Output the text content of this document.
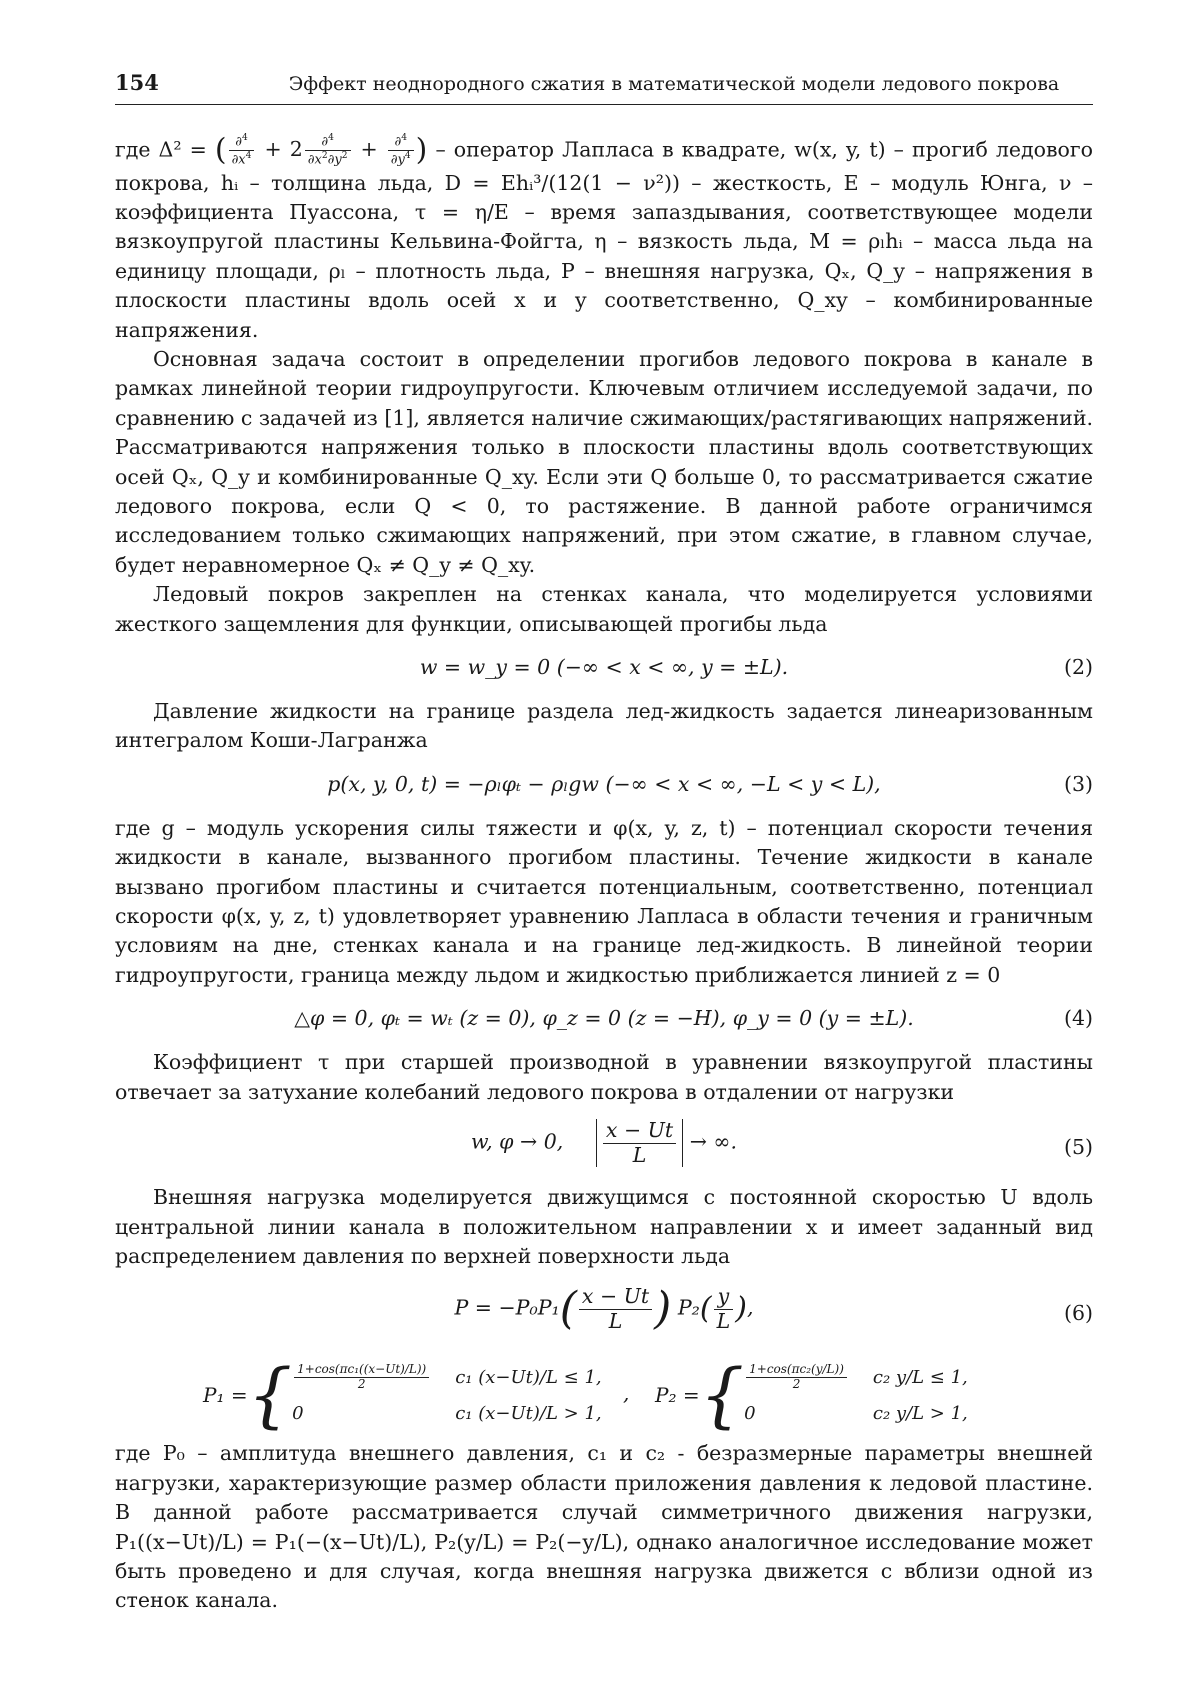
154	Эффект неоднородного сжатия в математической модели ледового покрова

где Δ² = ( ∂4
∂x4 + 2	∂4
∂x2∂y2 + ∂4
∂y4 ) – оператор Лапласа в квадрате, w(x, y, t) – прогиб ледового покрова, hᵢ – толщина льда, D = Ehᵢ³/(12(1 − ν²)) – жесткость, E – модуль Юнга, ν – коэффициента Пуассона, τ = η/E – время запаздывания, соответствующее модели вязкоупругой пластины Кельвина-Фойгта, η – вязкость льда, M = ρₗhᵢ – масса льда на единицу площади, ρₗ – плотность льда, P – внешняя нагрузка, Qₓ, Q_y – напряжения в плоскости пластины вдоль осей x и y соответственно, Q_xy – комбинированные напряжения.

Основная задача состоит в определении прогибов ледового покрова в канале в рамках линейной теории гидроупругости. Ключевым отличием исследуемой задачи, по сравнению с задачей из [1], является наличие сжимающих/растягивающих напряжений. Рассматриваются напряжения только в плоскости пластины вдоль соответствующих осей Qₓ, Q_y и комбинированные Q_xy. Если эти Q больше 0, то рассматривается сжатие ледового покрова, если Q < 0, то растяжение. В данной работе ограничимся исследованием только сжимающих напряжений, при этом сжатие, в главном случае, будет неравномерное Qₓ ≠ Q_y ≠ Q_xy.

Ледовый покров закреплен на стенках канала, что моделируется условиями жесткого защемления для функции, описывающей прогибы льда

w = w_y = 0 (−∞ < x < ∞, y = ±L).	(2)

Давление жидкости на границе раздела лед-жидкость задается линеаризованным интегралом Коши-Лагранжа

p(x, y, 0, t) = −ρₗφₜ − ρₗgw (−∞ < x < ∞, −L < y < L),	(3)

где g – модуль ускорения силы тяжести и φ(x, y, z, t) – потенциал скорости течения жидкости в канале, вызванного прогибом пластины. Течение жидкости в канале вызвано прогибом пластины и считается потенциальным, соответственно, потенциал скорости φ(x, y, z, t) удовлетворяет уравнению Лапласа в области течения и граничным условиям на дне, стенках канала и на границе лед-жидкость. В линейной теории гидроупругости, граница между льдом и жидкостью приближается линией z = 0

△φ = 0, φₜ = wₜ (z = 0), φ_z = 0 (z = −H), φ_y = 0 (y = ±L).	(4)

Коэффициент τ при старшей производной в уравнении вязкоупругой пластины отвечает за затухание колебаний ледового покрова в отдалении от нагрузки

w, φ → 0, x − Ut
L
→ ∞.	(5)

Внешняя нагрузка моделируется движущимся с постоянной скоростью U вдоль центральной линии канала в положительном направлении x и имеет заданный вид распределением давления по верхней поверхности льда

P = −P₀P₁( x − Ut
L ) P₂( y
L ),	(6)
P₁ = { 1+cos(πc₁((x−Ut)/L))
2	c₁ (x−Ut)/L ≤ 1,
0	c₁ (x−Ut)/L > 1,
, P₂ = { 1+cos(πc₂(y/L))
2	c₂ y/L ≤ 1,
0	c₂ y/L > 1,

где P₀ – амплитуда внешнего давления, c₁ и c₂ - безразмерные параметры внешней нагрузки, характеризующие размер области приложения давления к ледовой пластине. В данной работе рассматривается случай симметричного движения нагрузки, P₁((x−Ut)/L) = P₁(−(x−Ut)/L), P₂(y/L) = P₂(−y/L), однако аналогичное исследование может быть проведено и для случая, когда внешняя нагрузка движется с вблизи одной из стенок канала.
